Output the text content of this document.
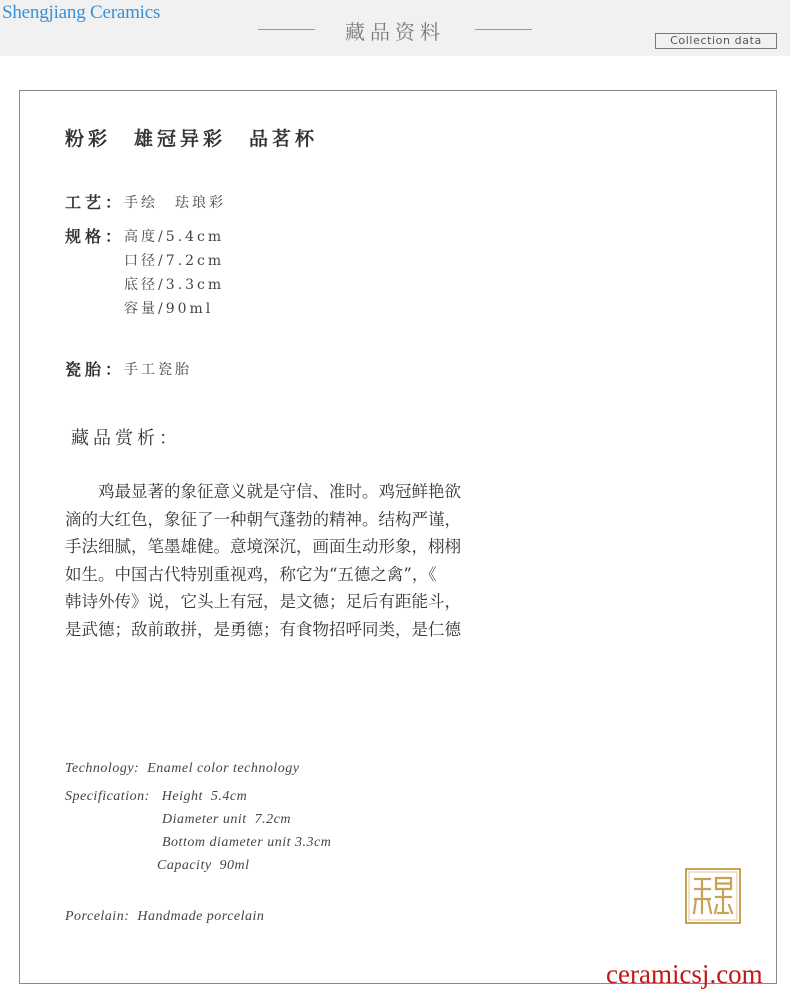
Shengjiang Ceramics
藏品资料	Collection data
粉彩　雄冠异彩　品茗杯
工艺：
手绘　珐琅彩
规格：
高度/5.4cm
口径/7.2cm
底径/3.3cm
容量/90ml
瓷胎：
手工瓷胎
藏品赏析：
　　鸡最显著的象征意义就是守信、准时。鸡冠鲜艳欲
滴的大红色，象征了一种朝气蓬勃的精神。结构严谨，
手法细腻，笔墨雄健。意境深沉，画面生动形象，栩栩
如生。中国古代特别重视鸡，称它为“五德之禽”，《
韩诗外传》说，它头上有冠，是文德；足后有距能斗，
是武德；敌前敢拼，是勇德；有食物招呼同类，是仁德
Technology:  Enamel color technology
Specification:   Height  5.4cm
Diameter unit  7.2cm
Bottom diameter unit 3.3cm
Capacity  90ml
Porcelain:  Handmade porcelain
ceramicsj.com
